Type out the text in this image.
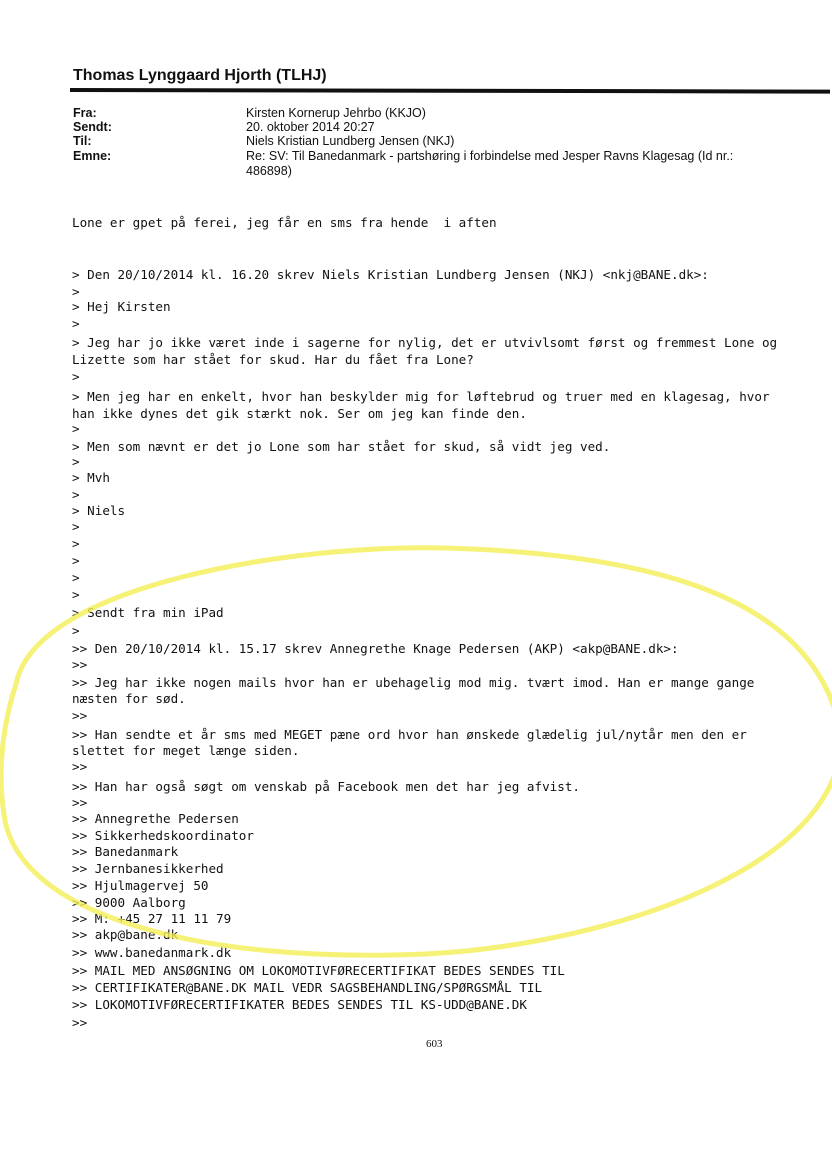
Thomas Lynggaard Hjorth (TLHJ)
Fra:	Kirsten Kornerup Jehrbo (KKJO)
Sendt:	20. oktober 2014 20:27
Til:	Niels Kristian Lundberg Jensen (NKJ)
Emne:	Re: SV: Til Banedanmark - partshøring i forbindelse med Jesper Ravns Klagesag (Id nr.:
486898)
Lone er gpet på ferei, jeg får en sms fra hende  i aften
> Den 20/10/2014 kl. 16.20 skrev Niels Kristian Lundberg Jensen (NKJ) <nkj@BANE.dk>:
>
> Hej Kirsten
>
> Jeg har jo ikke været inde i sagerne for nylig, det er utvivlsomt først og fremmest Lone og
Lizette som har stået for skud. Har du fået fra Lone?
>
> Men jeg har en enkelt, hvor han beskylder mig for løftebrud og truer med en klagesag, hvor
han ikke dynes det gik stærkt nok. Ser om jeg kan finde den.
>
> Men som nævnt er det jo Lone som har stået for skud, så vidt jeg ved.
>
> Mvh
>
> Niels
>
>
>
>
>
> Sendt fra min iPad
>
>> Den 20/10/2014 kl. 15.17 skrev Annegrethe Knage Pedersen (AKP) <akp@BANE.dk>:
>>
>> Jeg har ikke nogen mails hvor han er ubehagelig mod mig. tvært imod. Han er mange gange
næsten for sød.
>>
>> Han sendte et år sms med MEGET pæne ord hvor han ønskede glædelig jul/nytår men den er
slettet for meget længe siden.
>>
>> Han har også søgt om venskab på Facebook men det har jeg afvist.
>>
>> Annegrethe Pedersen
>> Sikkerhedskoordinator
>> Banedanmark
>> Jernbanesikkerhed
>> Hjulmagervej 50
>> 9000 Aalborg
>> M: +45 27 11 11 79
>> akp@bane.dk
>> www.banedanmark.dk
>> MAIL MED ANSØGNING OM LOKOMOTIVFØRECERTIFIKAT BEDES SENDES TIL
>> CERTIFIKATER@BANE.DK MAIL VEDR SAGSBEHANDLING/SPØRGSMÅL TIL
>> LOKOMOTIVFØRECERTIFIKATER BEDES SENDES TIL KS-UDD@BANE.DK
>>
603
